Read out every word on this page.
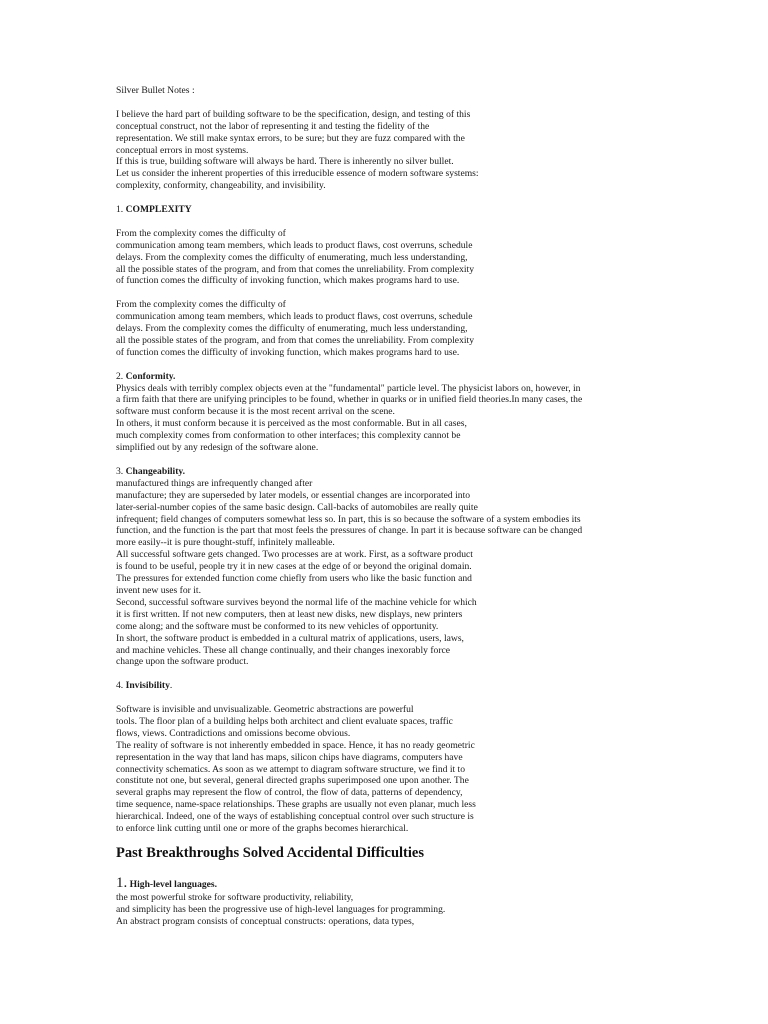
Silver Bullet Notes :
I believe the hard part of building software to be the specification, design, and testing of this
conceptual construct, not the labor of representing it and testing the fidelity of the
representation. We still make syntax errors, to be sure; but they are fuzz compared with the
conceptual errors in most systems.
If this is true, building software will always be hard. There is inherently no silver bullet.
Let us consider the inherent properties of this irreducible essence of modern software systems:
complexity, conformity, changeability, and invisibility.
1. COMPLEXITY
From the complexity comes the difficulty of
communication among team members, which leads to product flaws, cost overruns, schedule
delays. From the complexity comes the difficulty of enumerating, much less understanding,
all the possible states of the program, and from that comes the unreliability. From complexity
of function comes the difficulty of invoking function, which makes programs hard to use.
From the complexity comes the difficulty of
communication among team members, which leads to product flaws, cost overruns, schedule
delays. From the complexity comes the difficulty of enumerating, much less understanding,
all the possible states of the program, and from that comes the unreliability. From complexity
of function comes the difficulty of invoking function, which makes programs hard to use.
2. Conformity.
Physics deals with terribly complex objects even at the "fundamental" particle level. The physicist labors on, however, in
a firm faith that there are unifying principles to be found, whether in quarks or in unified field theories.In many cases, the
software must conform because it is the most recent arrival on the scene.
In others, it must conform because it is perceived as the most conformable. But in all cases,
much complexity comes from conformation to other interfaces; this complexity cannot be
simplified out by any redesign of the software alone.
3. Changeability.
manufactured things are infrequently changed after
manufacture; they are superseded by later models, or essential changes are incorporated into
later-serial-number copies of the same basic design. Call-backs of automobiles are really quite
infrequent; field changes of computers somewhat less so. In part, this is so because the software of a system embodies its
function, and the function is the part that most feels the pressures of change. In part it is because software can be changed
more easily--it is pure thought-stuff, infinitely malleable.
All successful software gets changed. Two processes are at work. First, as a software product
is found to be useful, people try it in new cases at the edge of or beyond the original domain.
The pressures for extended function come chiefly from users who like the basic function and
invent new uses for it.
Second, successful software survives beyond the normal life of the machine vehicle for which
it is first written. If not new computers, then at least new disks, new displays, new printers
come along; and the software must be conformed to its new vehicles of opportunity.
In short, the software product is embedded in a cultural matrix of applications, users, laws,
and machine vehicles. These all change continually, and their changes inexorably force
change upon the software product.
4. Invisibility.
Software is invisible and unvisualizable. Geometric abstractions are powerful
tools. The floor plan of a building helps both architect and client evaluate spaces, traffic
flows, views. Contradictions and omissions become obvious.
The reality of software is not inherently embedded in space. Hence, it has no ready geometric
representation in the way that land has maps, silicon chips have diagrams, computers have
connectivity schematics. As soon as we attempt to diagram software structure, we find it to
constitute not one, but several, general directed graphs superimposed one upon another. The
several graphs may represent the flow of control, the flow of data, patterns of dependency,
time sequence, name-space relationships. These graphs are usually not even planar, much less
hierarchical. Indeed, one of the ways of establishing conceptual control over such structure is
to enforce link cutting until one or more of the graphs becomes hierarchical.
Past Breakthroughs Solved Accidental Difficulties
1. High-level languages.
the most powerful stroke for software productivity, reliability,
and simplicity has been the progressive use of high-level languages for programming.
An abstract program consists of conceptual constructs: operations, data types,
